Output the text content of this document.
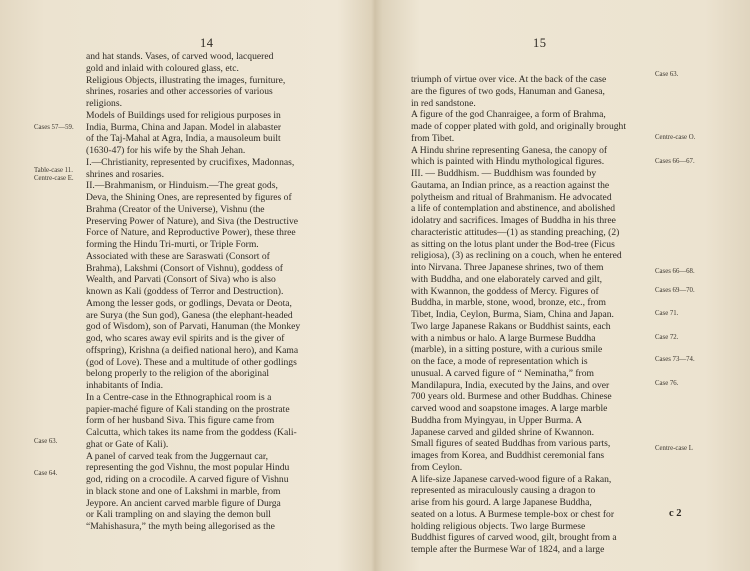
14
Cases 57—59.
Table-case 11.
Centre-case E.
Case 63.
Case 64.
and hat stands. Vases, of carved wood, lacquered
gold and inlaid with coloured glass, etc.
Religious Objects, illustrating the images, furniture,
shrines, rosaries and other accessories of various
religions.
Models of Buildings used for religious purposes in
India, Burma, China and Japan. Model in alabaster
of the Taj-Mahal at Agra, India, a mausoleum built
(1630-47) for his wife by the Shah Jehan.
I.—Christianity, represented by crucifixes, Madonnas,
shrines and rosaries.
II.—Brahmanism, or Hinduism.—The great gods,
Deva, the Shining Ones, are represented by figures of
Brahma (Creator of the Universe), Vishnu (the
Preserving Power of Nature), and Siva (the Destructive
Force of Nature, and Reproductive Power), these three
forming the Hindu Tri-murti, or Triple Form.
Associated with these are Saraswati (Consort of
Brahma), Lakshmi (Consort of Vishnu), goddess of
Wealth, and Parvati (Consort of Siva) who is also
known as Kali (goddess of Terror and Destruction).
Among the lesser gods, or godlings, Devata or Deota,
are Surya (the Sun god), Ganesa (the elephant-headed
god of Wisdom), son of Parvati, Hanuman (the Monkey
god, who scares away evil spirits and is the giver of
offspring), Krishna (a deified national hero), and Kama
(god of Love). These and a multitude of other godlings
belong properly to the religion of the aboriginal
inhabitants of India.
In a Centre-case in the Ethnographical room is a
papier-maché figure of Kali standing on the prostrate
form of her husband Siva. This figure came from
Calcutta, which takes its name from the goddess (Kali-
ghat or Gate of Kali).
A panel of carved teak from the Juggernaut car,
representing the god Vishnu, the most popular Hindu
god, riding on a crocodile. A carved figure of Vishnu
in black stone and one of Lakshmi in marble, from
Jeypore. An ancient carved marble figure of Durga
or Kali trampling on and slaying the demon bull
“Mahishasura,” the myth being allegorised as the
15
Case 63.
Centre-case O.
Cases 66—67.
Cases 66—68.
Cases 69—70.
Case 71.
Case 72.
Cases 73—74.
Case 76.
Centre-case L
triumph of virtue over vice. At the back of the case
are the figures of two gods, Hanuman and Ganesa,
in red sandstone.
A figure of the god Chanraigee, a form of Brahma,
made of copper plated with gold, and originally brought
from Tibet.
A Hindu shrine representing Ganesa, the canopy of
which is painted with Hindu mythological figures.
III. — Buddhism. — Buddhism was founded by
Gautama, an Indian prince, as a reaction against the
polytheism and ritual of Brahmanism. He advocated
a life of contemplation and abstinence, and abolished
idolatry and sacrifices. Images of Buddha in his three
characteristic attitudes—(1) as standing preaching, (2)
as sitting on the lotus plant under the Bod-tree (Ficus
religiosa), (3) as reclining on a couch, when he entered
into Nirvana. Three Japanese shrines, two of them
with Buddha, and one elaborately carved and gilt,
with Kwannon, the goddess of Mercy. Figures of
Buddha, in marble, stone, wood, bronze, etc., from
Tibet, India, Ceylon, Burma, Siam, China and Japan.
Two large Japanese Rakans or Buddhist saints, each
with a nimbus or halo. A large Burmese Buddha
(marble), in a sitting posture, with a curious smile
on the face, a mode of representation which is
unusual. A carved figure of “ Neminatha,” from
Mandilapura, India, executed by the Jains, and over
700 years old. Burmese and other Buddhas. Chinese
carved wood and soapstone images. A large marble
Buddha from Myingyau, in Upper Burma. A
Japanese carved and gilded shrine of Kwannon.
Small figures of seated Buddhas from various parts,
images from Korea, and Buddhist ceremonial fans
from Ceylon.
A life-size Japanese carved-wood figure of a Rakan,
represented as miraculously causing a dragon to
arise from his gourd. A large Japanese Buddha,
seated on a lotus. A Burmese temple-box or chest for
holding religious objects. Two large Burmese
Buddhist figures of carved wood, gilt, brought from a
temple after the Burmese War of 1824, and a large
c 2
